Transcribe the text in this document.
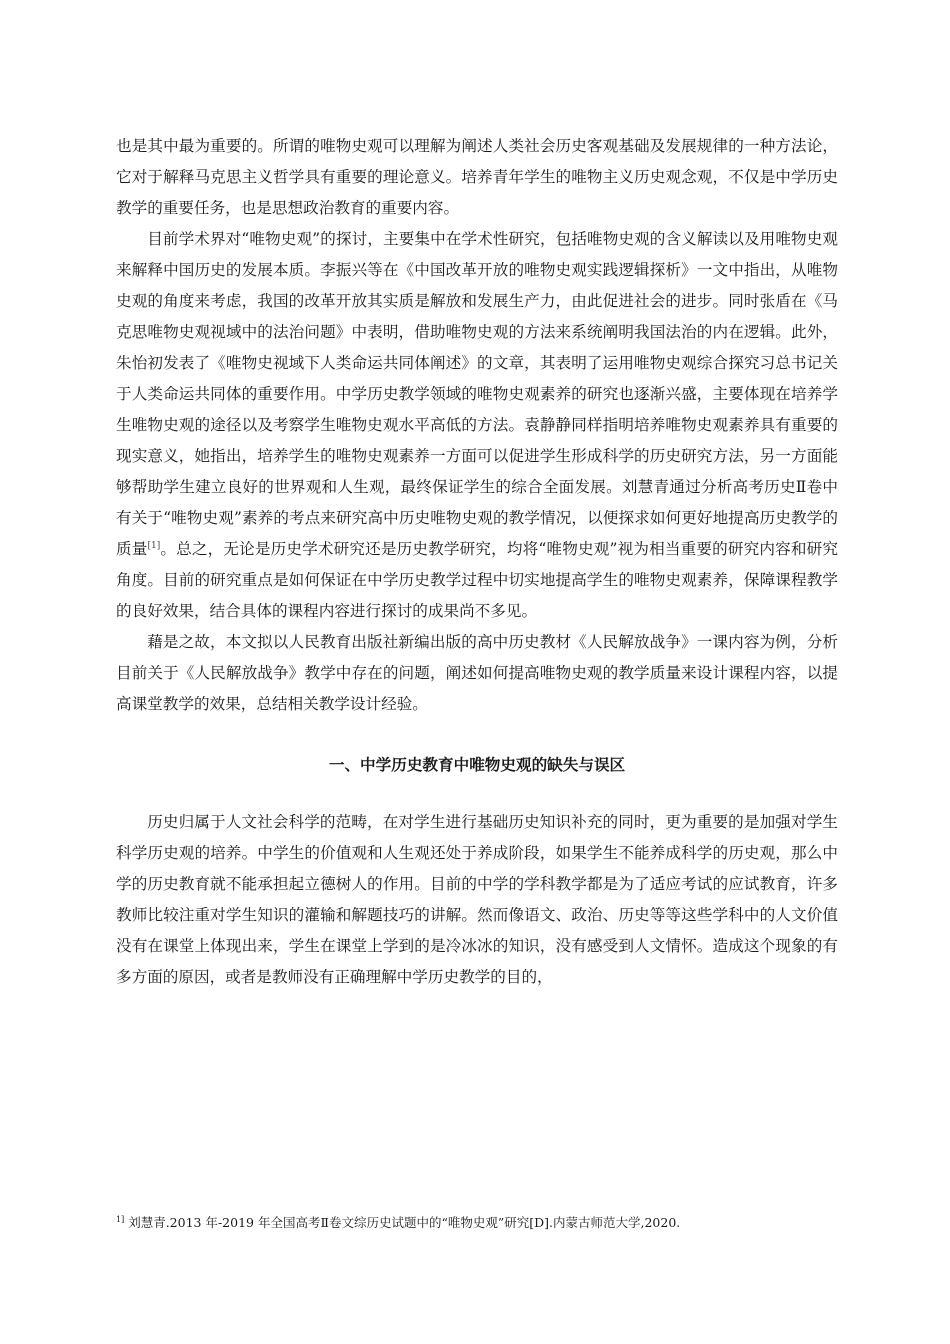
也是其中最为重要的。所谓的唯物史观可以理解为阐述人类社会历史客观基础及发展规律的一种方法论，它对于解释马克思主义哲学具有重要的理论意义。培养青年学生的唯物主义历史观念观，不仅是中学历史教学的重要任务，也是思想政治教育的重要内容。

目前学术界对“唯物史观”的探讨，主要集中在学术性研究，包括唯物史观的含义解读以及用唯物史观来解释中国历史的发展本质。李振兴等在《中国改革开放的唯物史观实践逻辑探析》一文中指出，从唯物史观的角度来考虑，我国的改革开放其实质是解放和发展生产力，由此促进社会的进步。同时张盾在《马克思唯物史观视域中的法治问题》中表明，借助唯物史观的方法来系统阐明我国法治的内在逻辑。此外，朱怡初发表了《唯物史视域下人类命运共同体阐述》的文章，其表明了运用唯物史观综合探究习总书记关于人类命运共同体的重要作用。中学历史教学领域的唯物史观素养的研究也逐渐兴盛，主要体现在培养学生唯物史观的途径以及考察学生唯物史观水平高低的方法。袁静静同样指明培养唯物史观素养具有重要的现实意义，她指出，培养学生的唯物史观素养一方面可以促进学生形成科学的历史研究方法，另一方面能够帮助学生建立良好的世界观和人生观，最终保证学生的综合全面发展。刘慧青通过分析高考历史Ⅱ卷中有关于“唯物史观”素养的考点来研究高中历史唯物史观的教学情况，以便探求如何更好地提高历史教学的质量[1]。总之，无论是历史学术研究还是历史教学研究，均将“唯物史观”视为相当重要的研究内容和研究角度。目前的研究重点是如何保证在中学历史教学过程中切实地提高学生的唯物史观素养，保障课程教学的良好效果，结合具体的课程内容进行探讨的成果尚不多见。

藉是之故，本文拟以人民教育出版社新编出版的高中历史教材《人民解放战争》一课内容为例，分析目前关于《人民解放战争》教学中存在的问题，阐述如何提高唯物史观的教学质量来设计课程内容，以提高课堂教学的效果，总结相关教学设计经验。

一、中学历史教育中唯物史观的缺失与误区

历史归属于人文社会科学的范畴，在对学生进行基础历史知识补充的同时，更为重要的是加强对学生科学历史观的培养。中学生的价值观和人生观还处于养成阶段，如果学生不能养成科学的历史观，那么中学的历史教育就不能承担起立德树人的作用。目前的中学的学科教学都是为了适应考试的应试教育，许多教师比较注重对学生知识的灌输和解题技巧的讲解。然而像语文、政治、历史等等这些学科中的人文价值没有在课堂上体现出来，学生在课堂上学到的是冷冰冰的知识，没有感受到人文情怀。造成这个现象的有多方面的原因，或者是教师没有正确理解中学历史教学的目的，

$^{1]}$ 刘慧青.2013 年-2019 年全国高考Ⅱ卷文综历史试题中的“唯物史观”研究[D].内蒙古师范大学,2020.
